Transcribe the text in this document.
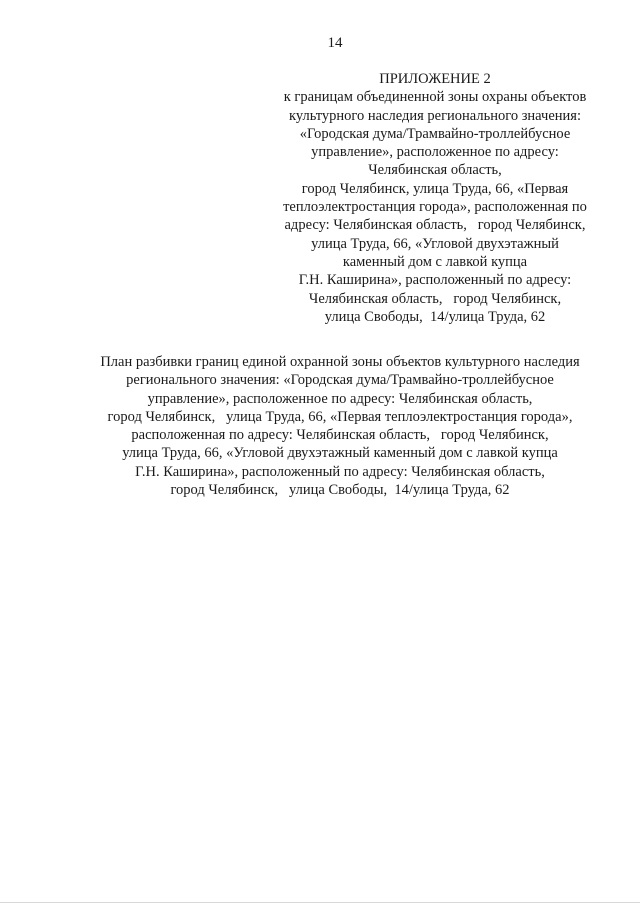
14
ПРИЛОЖЕНИЕ 2
к границам объединенной зоны охраны объектов
культурного наследия регионального значения:
«Городская дума/Трамвайно-троллейбусное
управление», расположенное по адресу:
Челябинская область,
город Челябинск, улица Труда, 66, «Первая
теплоэлектростанция города», расположенная по
адресу: Челябинская область,   город Челябинск,
улица Труда, 66, «Угловой двухэтажный
каменный дом с лавкой купца
Г.Н. Каширина», расположенный по адресу:
Челябинская область,   город Челябинск,
улица Свободы,  14/улица Труда, 62
План разбивки границ единой охранной зоны объектов культурного наследия
регионального значения: «Городская дума/Трамвайно-троллейбусное
управление», расположенное по адресу: Челябинская область,
город Челябинск,   улица Труда, 66, «Первая теплоэлектростанция города»,
расположенная по адресу: Челябинская область,   город Челябинск,
улица Труда, 66, «Угловой двухэтажный каменный дом с лавкой купца
Г.Н. Каширина», расположенный по адресу: Челябинская область,
город Челябинск,   улица Свободы,  14/улица Труда, 62
